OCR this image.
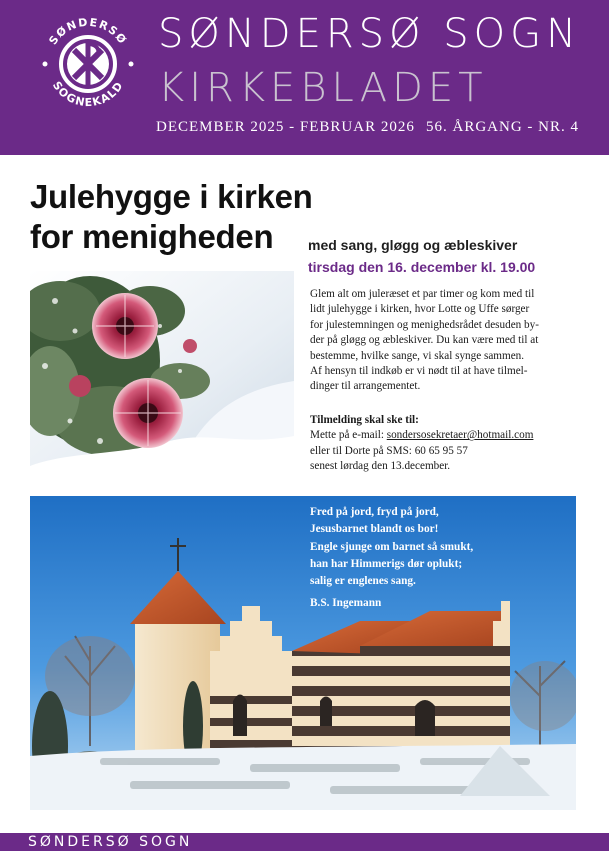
SØNDERSØ
SOGNEKALD
SØNDERSØ SOGN
KIRKEBLADET
DECEMBER 2025 - FEBRUAR 2026 56. ÅRGANG - NR. 4
Julehygge i kirken
for menigheden med sang, gløgg og æbleskiver
tirsdag den 16. december kl. 19.00
Glem alt om juleræset et par timer og kom med til
lidt julehygge i kirken, hvor Lotte og Uffe sørger
for julestemningen og menighedsrådet desuden by-
der på gløgg og æbleskiver. Du kan være med til at
bestemme, hvilke sange, vi skal synge sammen.
Af hensyn til indkøb er vi nødt til at have tilmel-
dinger til arrangementet.
Tilmelding skal ske til:
Mette på e-mail: sondersosekretaer@hotmail.com
eller til Dorte på SMS: 60 65 95 57
senest lørdag den 13.december.
Fred på jord, fryd på jord,
Jesusbarnet blandt os bor!
Engle sjunge om barnet så smukt,
han har Himmerigs dør oplukt;
salig er englenes sang.
B.S. Ingemann
SØNDERSØ SOGN
